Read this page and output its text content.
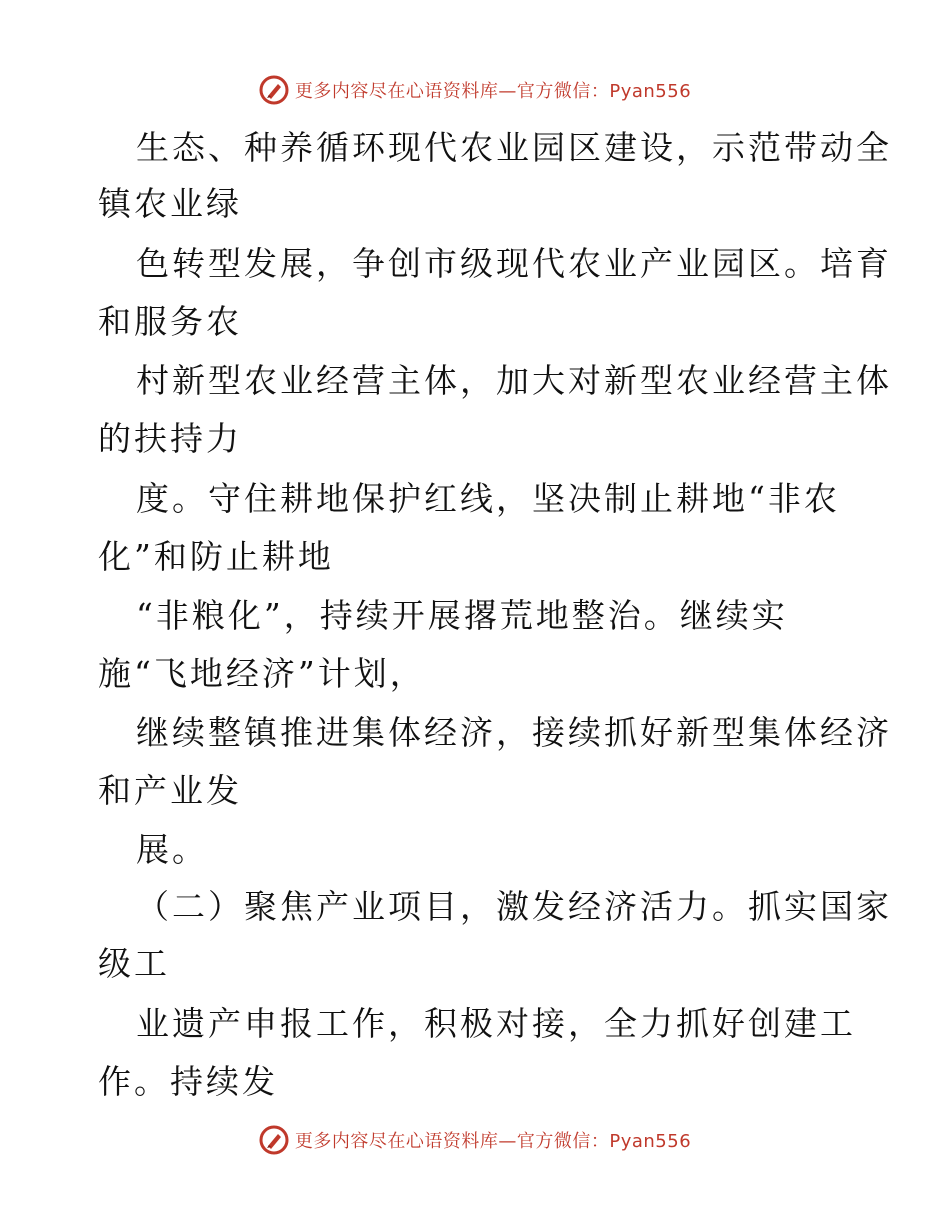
更多内容尽在心语资料库—官方微信：Pyan556
生态、种养循环现代农业园区建设，示范带动全
镇农业绿
色转型发展，争创市级现代农业产业园区。培育
和服务农
村新型农业经营主体，加大对新型农业经营主体
的扶持力
度。守住耕地保护红线，坚决制止耕地“非农
化”和防止耕地
“非粮化”，持续开展撂荒地整治。继续实
施“飞地经济”计划，
继续整镇推进集体经济，接续抓好新型集体经济
和产业发
展。
（二）聚焦产业项目，激发经济活力。抓实国家
级工
业遗产申报工作，积极对接，全力抓好创建工
作。持续发
更多内容尽在心语资料库—官方微信：Pyan556
